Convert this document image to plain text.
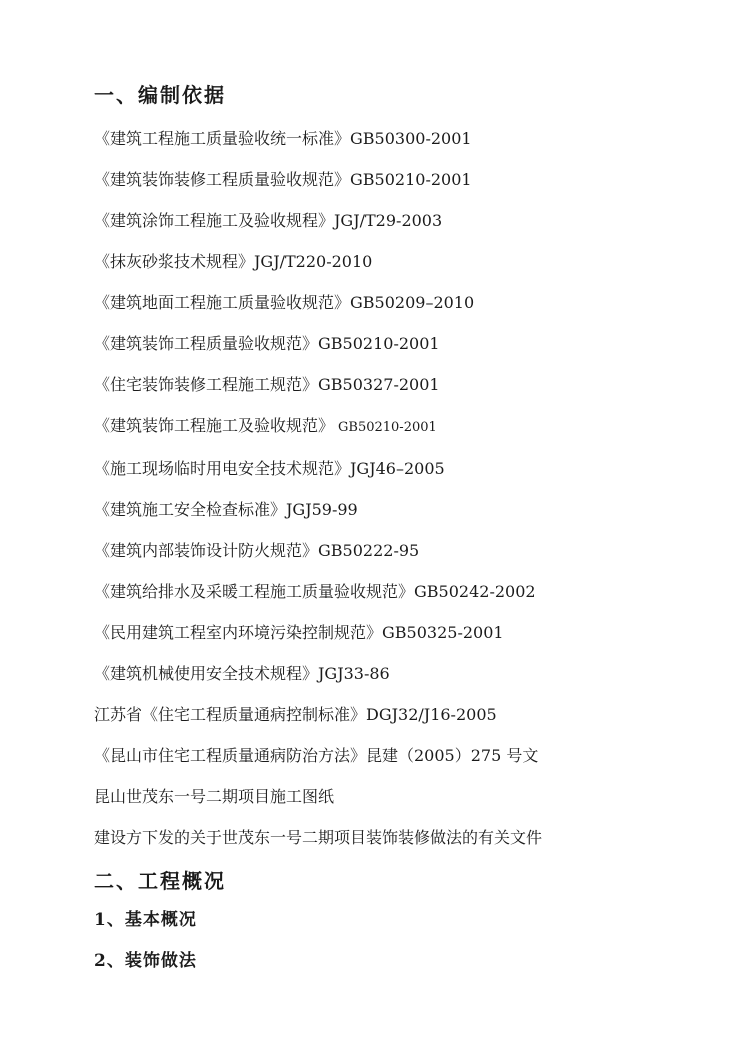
一、编制依据

《建筑工程施工质量验收统一标准》GB50300-2001

《建筑装饰装修工程质量验收规范》GB50210-2001

《建筑涂饰工程施工及验收规程》JGJ/T29-2003

《抹灰砂浆技术规程》JGJ/T220-2010

《建筑地面工程施工质量验收规范》GB50209–2010

《建筑装饰工程质量验收规范》GB50210-2001

《住宅装饰装修工程施工规范》GB50327-2001

《建筑装饰工程施工及验收规范》 GB50210-2001

《施工现场临时用电安全技术规范》JGJ46–2005

《建筑施工安全检查标准》JGJ59-99

《建筑内部装饰设计防火规范》GB50222-95

《建筑给排水及采暖工程施工质量验收规范》GB50242-2002

《民用建筑工程室内环境污染控制规范》GB50325-2001

《建筑机械使用安全技术规程》JGJ33-86

江苏省《住宅工程质量通病控制标准》DGJ32/J16-2005

《昆山市住宅工程质量通病防治方法》昆建（2005）275 号文

昆山世茂东一号二期项目施工图纸

建设方下发的关于世茂东一号二期项目装饰装修做法的有关文件

二、工程概况
1、基本概况
2、装饰做法
